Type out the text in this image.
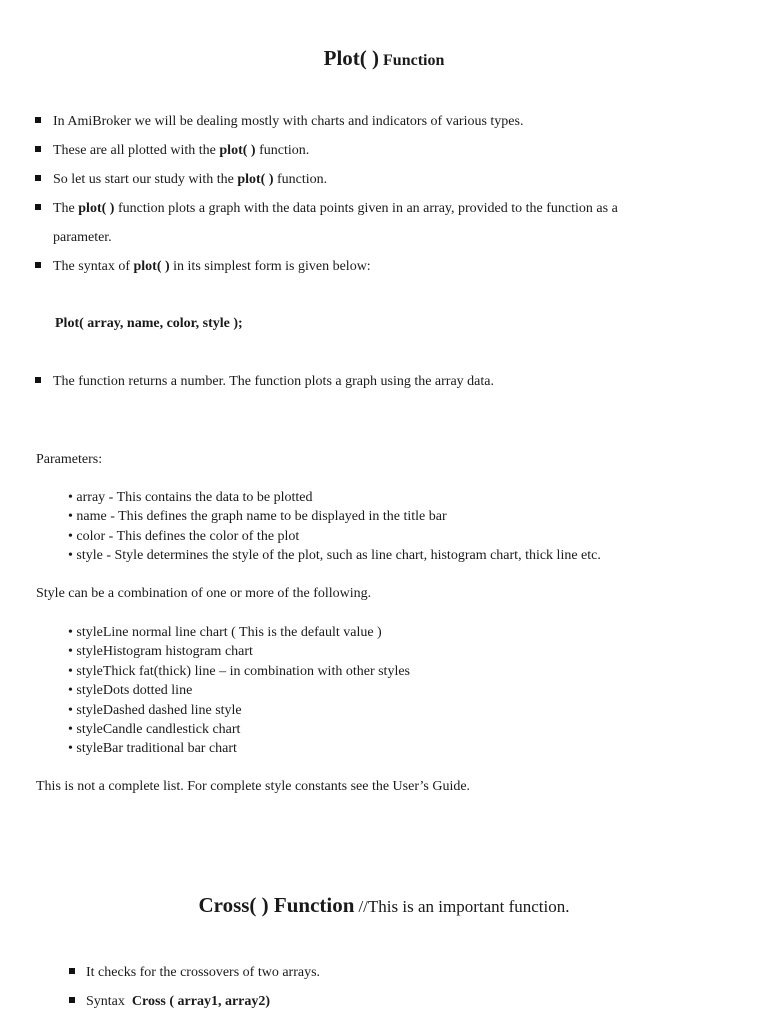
Plot( ) Function
In AmiBroker we will be dealing mostly with charts and indicators of various types.
These are all plotted with the plot( ) function.
So let us start our study with the plot( ) function.
The plot( ) function plots a graph with the data points given in an array, provided to the function as a
parameter.
The syntax of plot( ) in its simplest form is given below:
Plot( array, name, color, style );
The function returns a number. The function plots a graph using the array data.
Parameters:
• array - This contains the data to be plotted
• name - This defines the graph name to be displayed in the title bar
• color - This defines the color of the plot
• style - Style determines the style of the plot, such as line chart, histogram chart, thick line etc.
Style can be a combination of one or more of the following.
• styleLine normal line chart ( This is the default value )
• styleHistogram histogram chart
• styleThick fat(thick) line – in combination with other styles
• styleDots dotted line
• styleDashed dashed line style
• styleCandle candlestick chart
• styleBar traditional bar chart
This is not a complete list. For complete style constants see the User’s Guide.
Cross( ) Function //This is an important function.
It checks for the crossovers of two arrays.
Syntax  Cross ( array1, array2)
